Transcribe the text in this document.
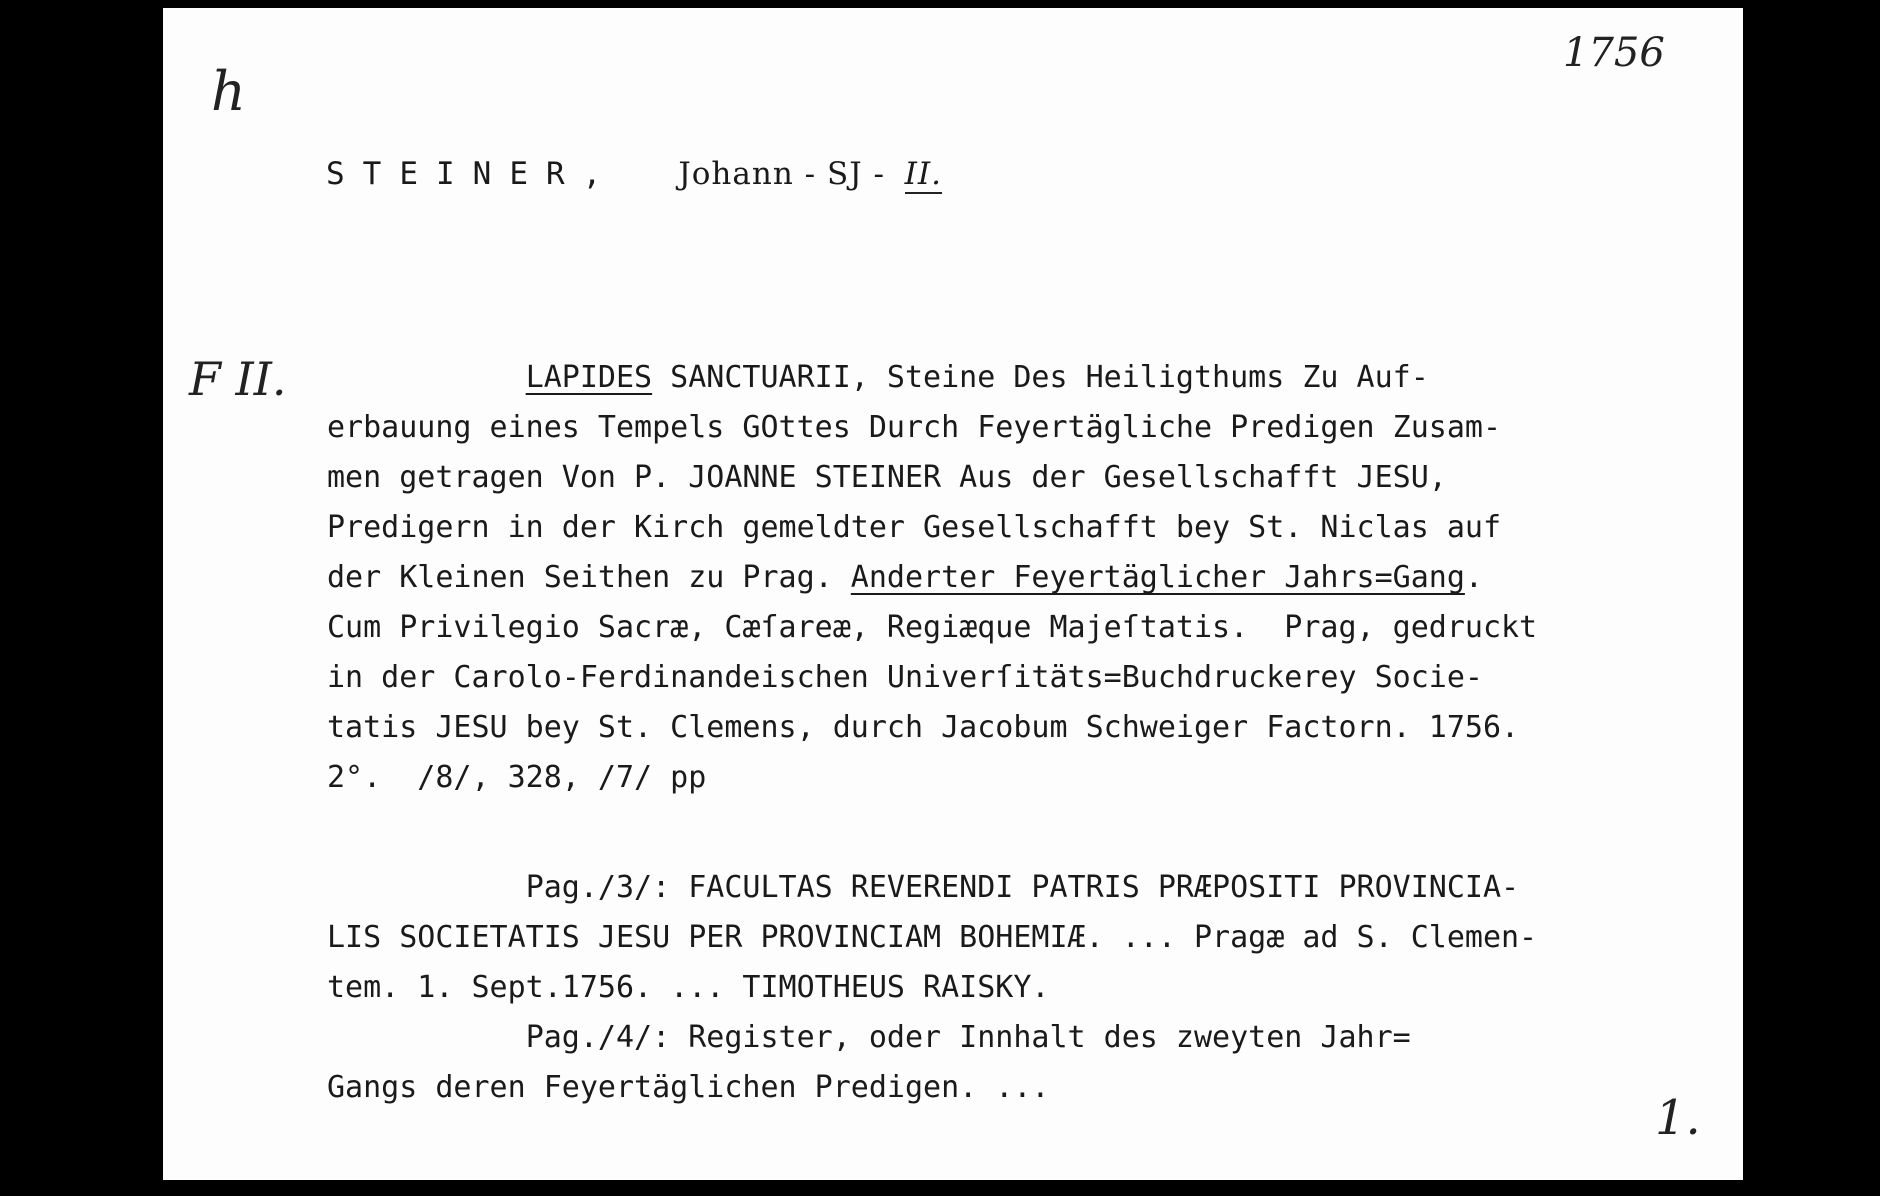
h
1756
F II.
1.
STEINER, Johann - SJ - II.
LAPIDES SANCTUARII, Steine Des Heiligthums Zu Auf-
erbauung eines Tempels GOttes Durch Feyertägliche Predigen Zusam-
men getragen Von P. JOANNE STEINER Aus der Gesellschafft JESU,
Predigern in der Kirch gemeldter Gesellschafft bey St. Niclas auf
der Kleinen Seithen zu Prag. Anderter Feyertäglicher Jahrs=Gang.
Cum Privilegio Sacræ, Cæſareæ, Regiæque Majeſtatis.  Prag, gedruckt
in der Carolo-Ferdinandeischen Univerſitäts=Buchdruckerey Socie-
tatis JESU bey St. Clemens, durch Jacobum Schweiger Factorn. 1756.
2°.  /8/, 328, /7/ pp
Pag./3/: FACULTAS REVERENDI PATRIS PRÆPOSITI PROVINCIA-
LIS SOCIETATIS JESU PER PROVINCIAM BOHEMIÆ. ... Pragæ ad S. Clemen-
tem. 1. Sept.1756. ... TIMOTHEUS RAISKY.
Pag./4/: Register, oder Innhalt des zweyten Jahr=
Gangs deren Feyertäglichen Predigen. ...
